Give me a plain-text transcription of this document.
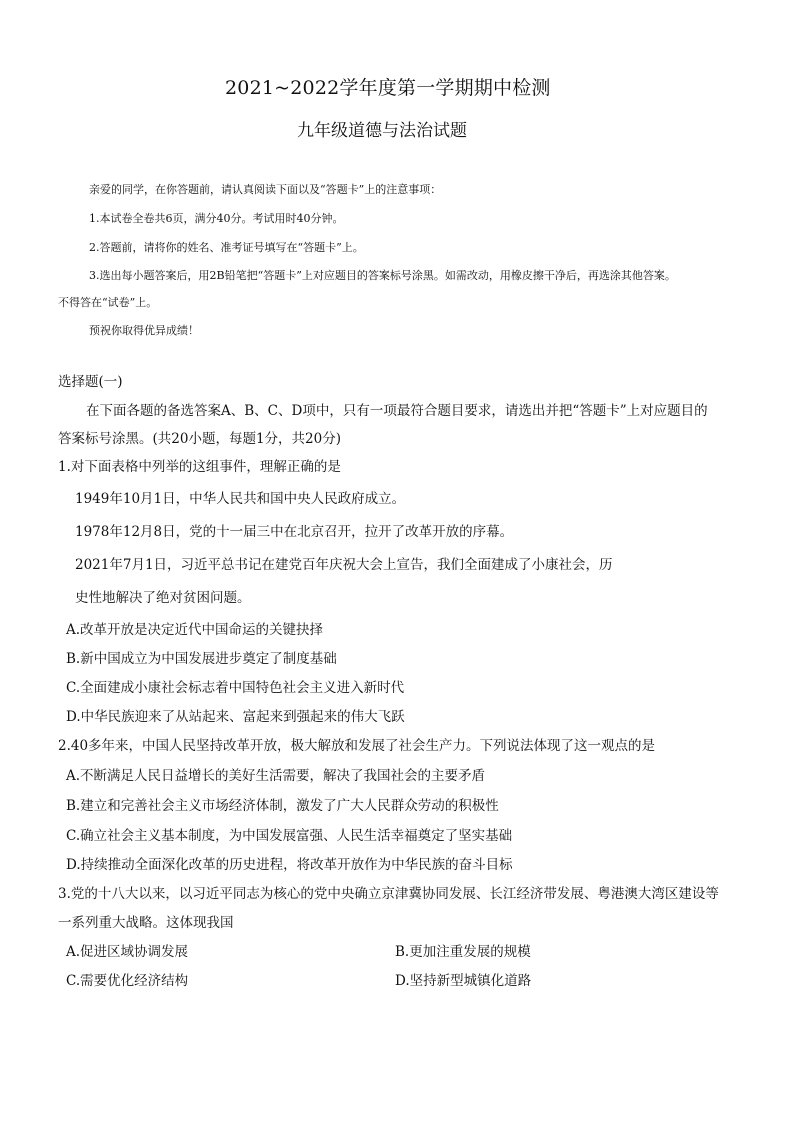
2021~2022学年度第一学期期中检测
九年级道德与法治试题
亲爱的同学，在你答题前，请认真阅读下面以及“答题卡”上的注意事项：
1.本试卷全卷共6页，满分40分。考试用时40分钟。
2.答题前，请将你的姓名、准考证号填写在“答题卡”上。
3.选出每小题答案后，用2B铅笔把“答题卡”上对应题目的答案标号涂黑。如需改动，用橡皮擦干净后，再选涂其他答案。
不得答在“试卷”上。
预祝你取得优异成绩！
选择题(一)
在下面各题的备选答案A、B、C、D项中，只有一项最符合题目要求，请选出并把“答题卡”上对应题目的
答案标号涂黑。(共20小题，每题1分，共20分)
1.对下面表格中列举的这组事件，理解正确的是
1949年10月1日，中华人民共和国中央人民政府成立。
1978年12月8日，党的十一届三中在北京召开，拉开了改革开放的序幕。
2021年7月1日，习近平总书记在建党百年庆祝大会上宣告，我们全面建成了小康社会，历
史性地解决了绝对贫困问题。
A.改革开放是决定近代中国命运的关键抉择
B.新中国成立为中国发展进步奠定了制度基础
C.全面建成小康社会标志着中国特色社会主义进入新时代
D.中华民族迎来了从站起来、富起来到强起来的伟大飞跃
2.40多年来，中国人民坚持改革开放，极大解放和发展了社会生产力。下列说法体现了这一观点的是
A.不断满足人民日益增长的美好生活需要，解决了我国社会的主要矛盾
B.建立和完善社会主义市场经济体制，激发了广大人民群众劳动的积极性
C.确立社会主义基本制度，为中国发展富强、人民生活幸福奠定了坚实基础
D.持续推动全面深化改革的历史进程，将改革开放作为中华民族的奋斗目标
3.党的十八大以来，以习近平同志为核心的党中央确立京津冀协同发展、长江经济带发展、粤港澳大湾区建设等
一系列重大战略。这体现我国
A.促进区域协调发展	B.更加注重发展的规模
C.需要优化经济结构	D.坚持新型城镇化道路
